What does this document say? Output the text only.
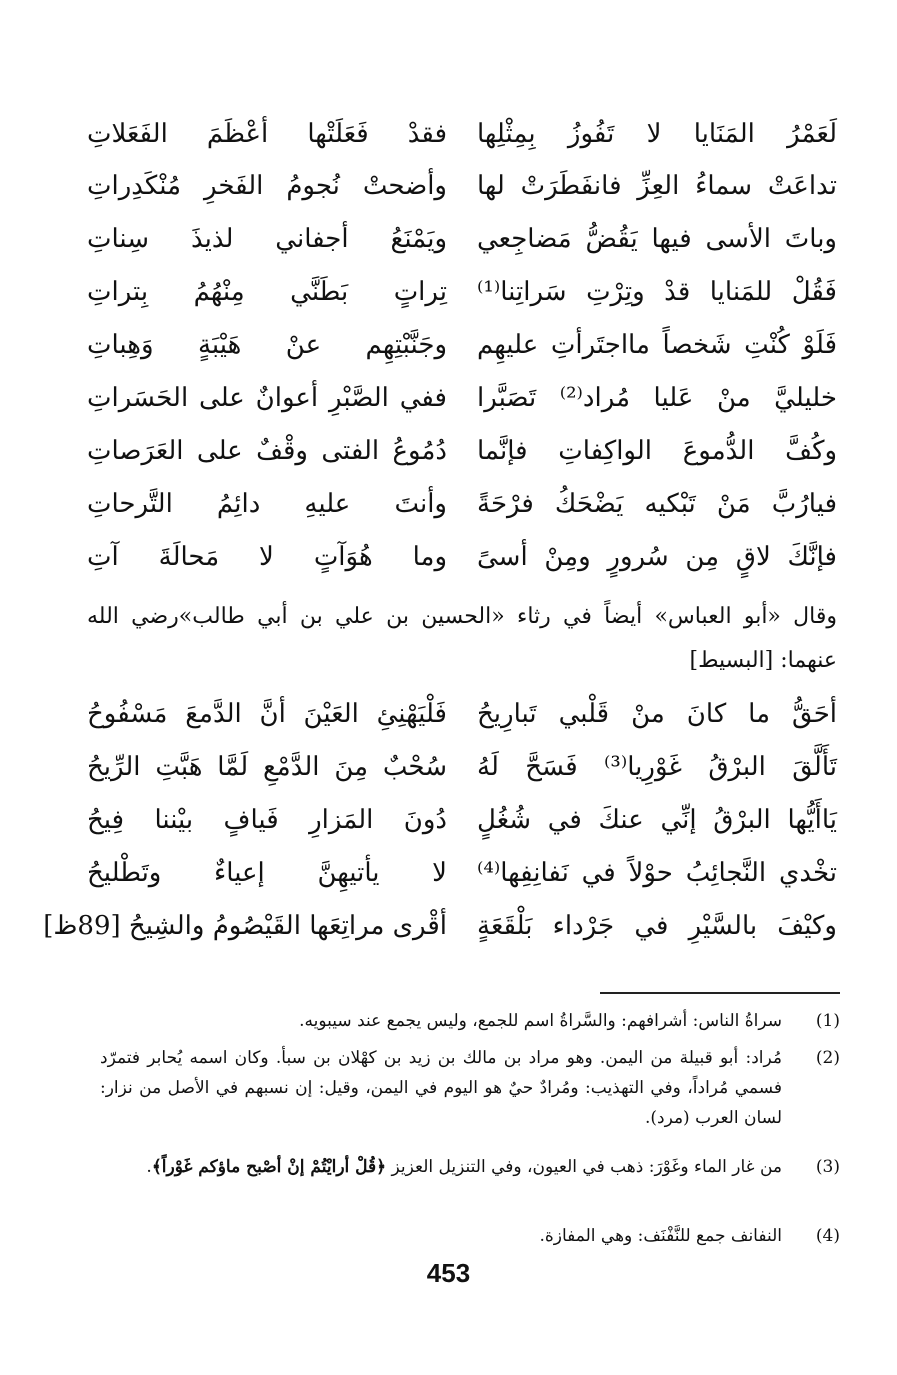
لَعَمْرُ المَنَايا لا تَفُوزُ بِمِثْلِها
فقدْ فَعَلَتْها أعْظَمَ الفَعَلاتِ
تداعَتْ سماءُ العِزِّ فانفَطَرَتْ لها
وأضحتْ نُجومُ الفَخرِ مُنْكَدِراتِ
وباتَ الأسى فيها يَقُضُّ مَضاجِعي
ويَمْنَعُ أجفاني لذيذَ سِناتِ
فَقُلْ للمَنايا قدْ وتِرْتِ سَراتِنا⁽¹⁾
تِراتٍ بَطَنَّي مِنْهُمُ بِتراتِ
فَلَوْ كُنْتِ شَخصاً مااجتَرأتِ عليهِم
وجَنَّبْتِهِم عنْ هَيْبَةٍ وَهِباتِ
خليليَّ منْ عَليا مُراد⁽²⁾ تَصَبَّرا
ففي الصَّبْرِ أعوانٌ على الحَسَراتِ
وكُفَّ الدُّموعَ الواكِفاتِ فإنَّما
دُمُوعُ الفتى وقْفٌ على العَرَصاتِ
فيارُبَّ مَنْ تَبْكيه يَضْحَكُ فرْحَةً
وأنتَ عليهِ دائِمُ التَّرحاتِ
فإنَّكَ لاقٍ مِن سُرورٍ ومِنْ أسىً
وما هُوَآتٍ لا مَحالَةَ آتِ
وقال «أبو العباس» أيضاً في رثاء «الحسين بن علي بن أبي طالب»رضي الله عنهما: [البسيط]
أحَقُّ ما كانَ منْ قَلْبي تَبارِيحُ
فَلْيَهْنِئِ العَيْنَ أنَّ الدَّمعَ مَسْفُوحُ
تَأَلَّقَ البرْقُ غَوْرِيا⁽³⁾ فَسَحَّ لَهُ
سُحْبٌ مِنَ الدَّمْعِ لَمَّا هَبَّتِ الرِّيحُ
يَاأَيُّها البرْقُ إنِّي عنكَ في شُغُلٍ
دُونَ المَزارِ فَيافٍ بيْننا فِيحُ
تخْدي النَّجائِبُ حوْلاً في نَفانِفِها⁽⁴⁾
لا يأتيهِنَّ إعياءٌ وتَطْليحُ
وكيْفَ بالسَّيْرِ في جَرْداء بَلْقَعَةٍ
أقْرى مراتِعَها القَيْصُومُ والشِيحُ [89ظ]
(1)
سراةُ الناس: أشرافهم: والسَّراةُ اسم للجمع، وليس يجمع عند سيبويه.
(2)
مُراد: أبو قبيلة من اليمن. وهو مراد بن مالك بن زيد بن كهْلان بن سبأ. وكان اسمه يُحابر فتمرّد فسمي مُراداً، وفي التهذيب: ومُرادٌ حيٌ هو اليوم في اليمن، وقيل: إن نسبهم في الأصل من نزار: لسان العرب (مرد).
(3)
من غار الماء وغَوْرَ: ذهب في العيون، وفي التنزيل العزيز ﴿قُلْ أرايْتُمْ إنْ أصْبح ماؤكم غَوْراً﴾.
(4)
النفانف جمع للنَّفْنَف: وهي المفازة.
453
